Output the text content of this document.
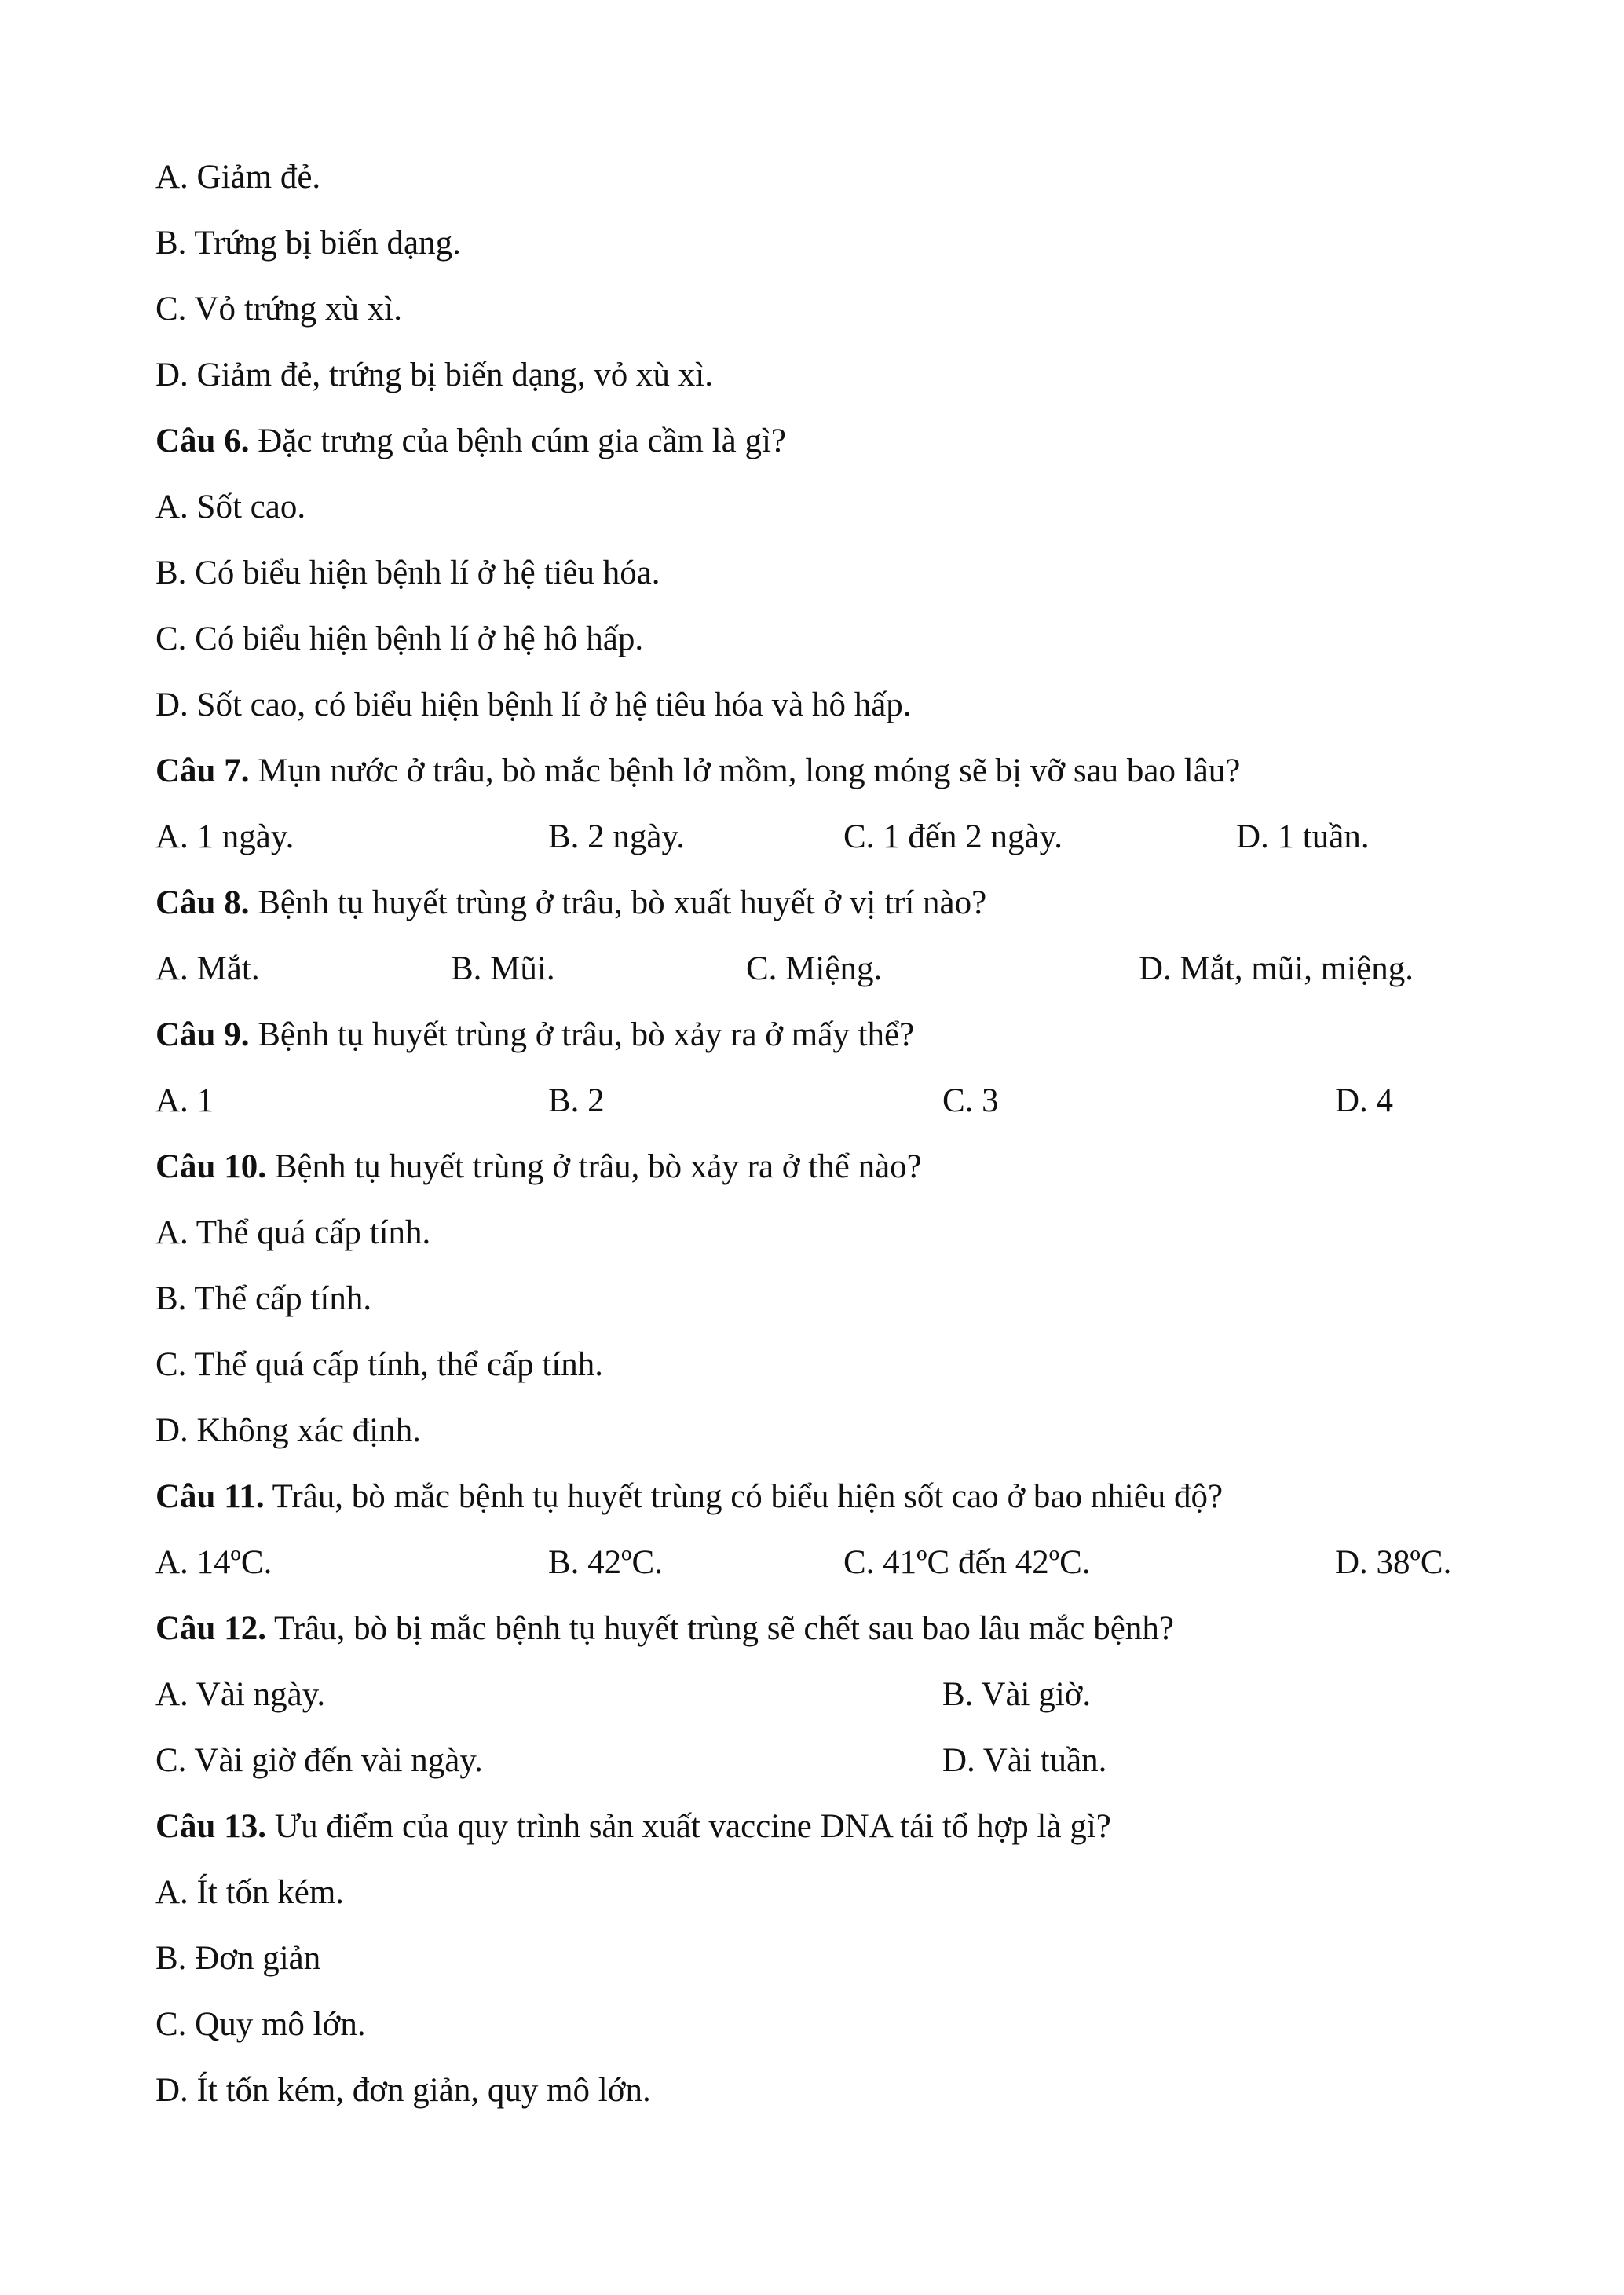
A. Giảm đẻ.
B. Trứng bị biến dạng.
C. Vỏ trứng xù xì.
D. Giảm đẻ, trứng bị biến dạng, vỏ xù xì.
Câu 6. Đặc trưng của bệnh cúm gia cầm là gì?
A. Sốt cao.
B. Có biểu hiện bệnh lí ở hệ tiêu hóa.
C. Có biểu hiện bệnh lí ở hệ hô hấp.
D. Sốt cao, có biểu hiện bệnh lí ở hệ tiêu hóa và hô hấp.
Câu 7. Mụn nước ở trâu, bò mắc bệnh lở mồm, long móng sẽ bị vỡ sau bao lâu?
A. 1 ngày.	B. 2 ngày.	C. 1 đến 2 ngày.	D. 1 tuần.
Câu 8. Bệnh tụ huyết trùng ở trâu, bò xuất huyết ở vị trí nào?
A. Mắt.	B. Mũi.	C. Miệng.	D. Mắt, mũi, miệng.
Câu 9. Bệnh tụ huyết trùng ở trâu, bò xảy ra ở mấy thể?
A. 1	B. 2	C. 3	D. 4
Câu 10. Bệnh tụ huyết trùng ở trâu, bò xảy ra ở thể nào?
A. Thể quá cấp tính.
B. Thể cấp tính.
C. Thể quá cấp tính, thể cấp tính.
D. Không xác định.
Câu 11. Trâu, bò mắc bệnh tụ huyết trùng có biểu hiện sốt cao ở bao nhiêu độ?
A. 14ºC.	B. 42ºC.	C. 41ºC đến 42ºC.	D. 38ºC.
Câu 12. Trâu, bò bị mắc bệnh tụ huyết trùng sẽ chết sau bao lâu mắc bệnh?
A. Vài ngày.	B. Vài giờ.
C. Vài giờ đến vài ngày.	D. Vài tuần.
Câu 13. Ưu điểm của quy trình sản xuất vaccine DNA tái tổ hợp là gì?
A. Ít tốn kém.
B. Đơn giản
C. Quy mô lớn.
D. Ít tốn kém, đơn giản, quy mô lớn.
